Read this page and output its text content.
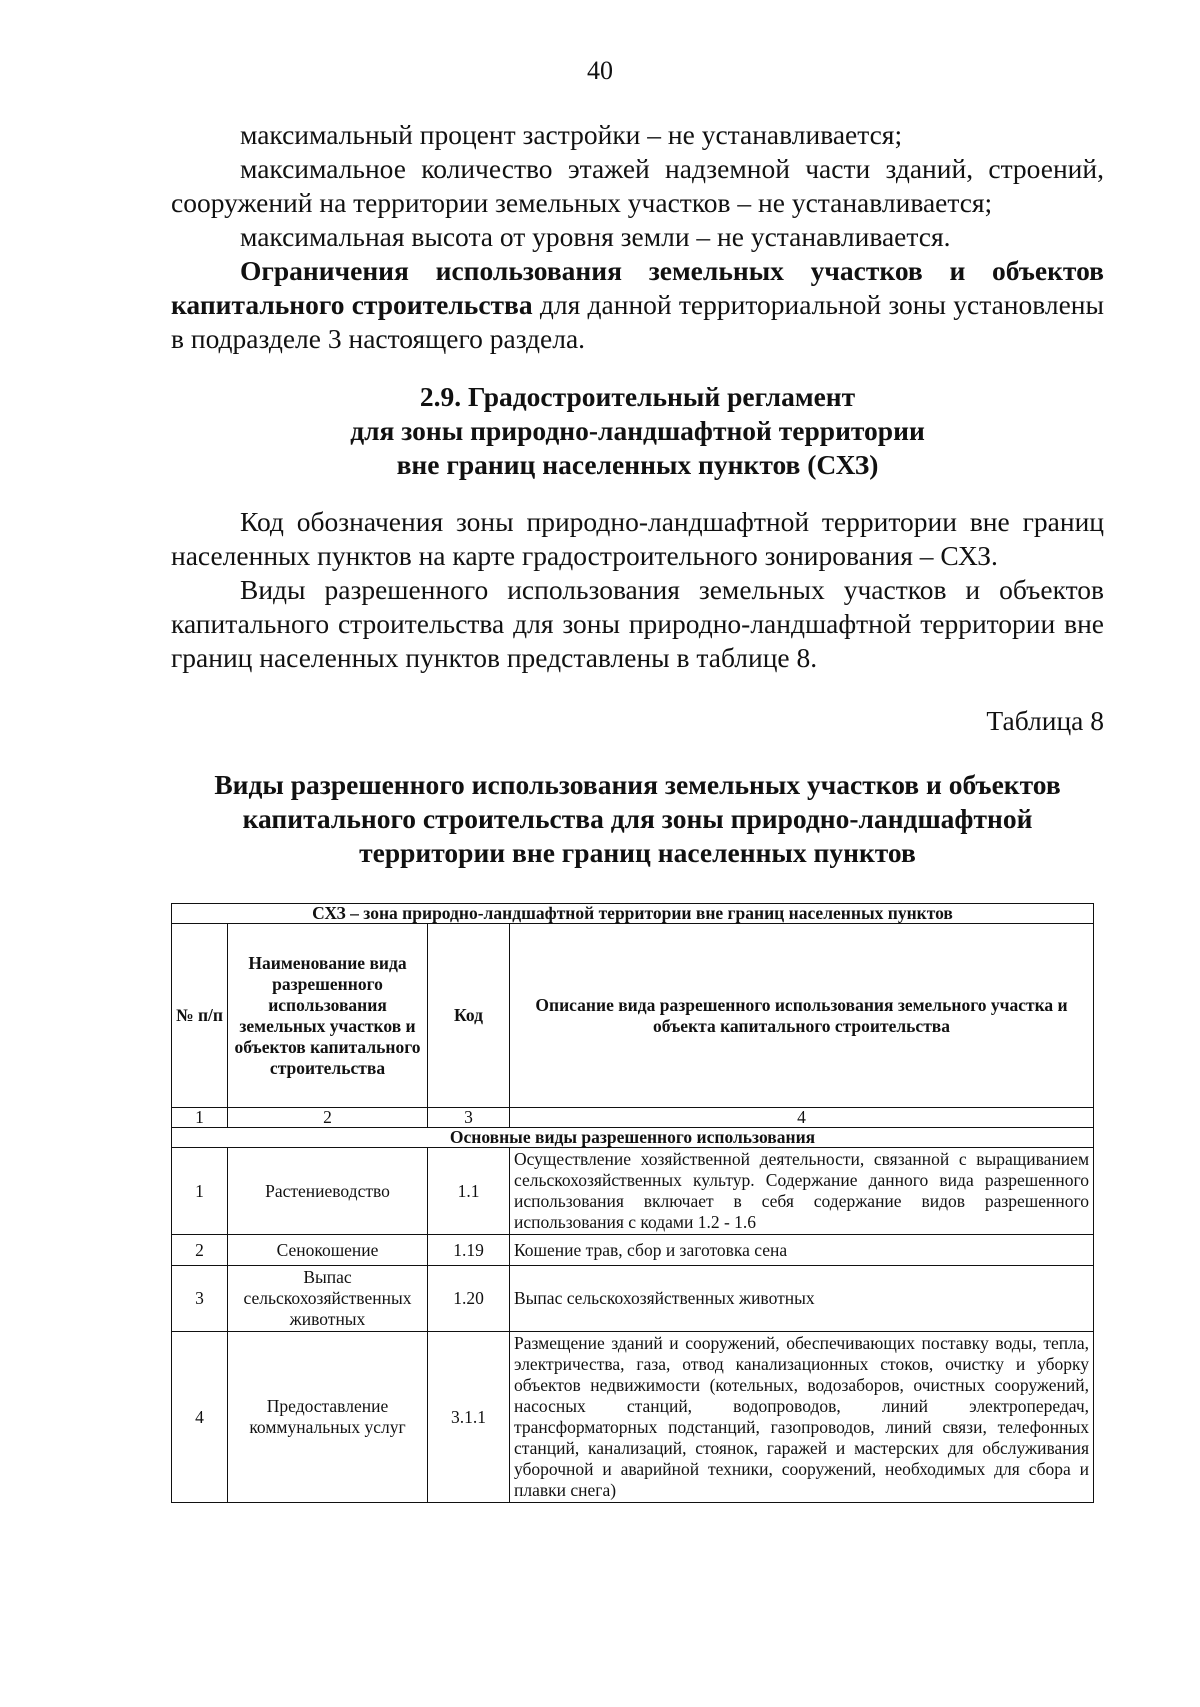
40

максимальный процент застройки – не устанавливается;

максимальное количество этажей надземной части зданий, строений, сооружений на территории земельных участков – не устанавливается;

максимальная высота от уровня земли – не устанавливается.

Ограничения использования земельных участков и объектов капитального строительства для данной территориальной зоны установлены в подразделе 3 настоящего раздела.

2.9. Градостроительный регламент
для зоны природно-ландшафтной территории
вне границ населенных пунктов (СХЗ)

Код обозначения зоны природно-ландшафтной территории вне границ населенных пунктов на карте градостроительного зонирования – СХЗ.

Виды разрешенного использования земельных участков и объектов капитального строительства для зоны природно-ландшафтной территории вне границ населенных пунктов представлены в таблице 8.

Таблица 8
Виды разрешенного использования земельных участков и объектов
капитального строительства для зоны природно-ландшафтной
территории вне границ населенных пунктов
СХЗ – зона природно-ландшафтной территории вне границ населенных пунктов			
№ п/п	Наименование вида разрешенного использования земельных участков и объектов капитального строительства	Код	Описание вида разрешенного использования земельного участка и объекта капитального строительства
1	2	3	4
Основные виды разрешенного использования			
1	Растениеводство	1.1	Осуществление хозяйственной деятельности, связанной с выращиванием сельскохозяйственных культур. Содержание данного вида разрешенного использования включает в себя содержание видов разрешенного использования с кодами 1.2 - 1.6
2	Сенокошение	1.19	Кошение трав, сбор и заготовка сена
3	Выпас сельскохозяйственных животных	1.20	Выпас сельскохозяйственных животных
4	Предоставление коммунальных услуг	3.1.1	Размещение зданий и сооружений, обеспечивающих поставку воды, тепла, электричества, газа, отвод канализационных стоков, очистку и уборку объектов недвижимости (котельных, водозаборов, очистных сооружений, насосных станций, водопроводов, линий электропередач, трансформаторных подстанций, газопроводов, линий связи, телефонных станций, канализаций, стоянок, гаражей и мастерских для обслуживания уборочной и аварийной техники, сооружений, необходимых для сбора и плавки снега)
